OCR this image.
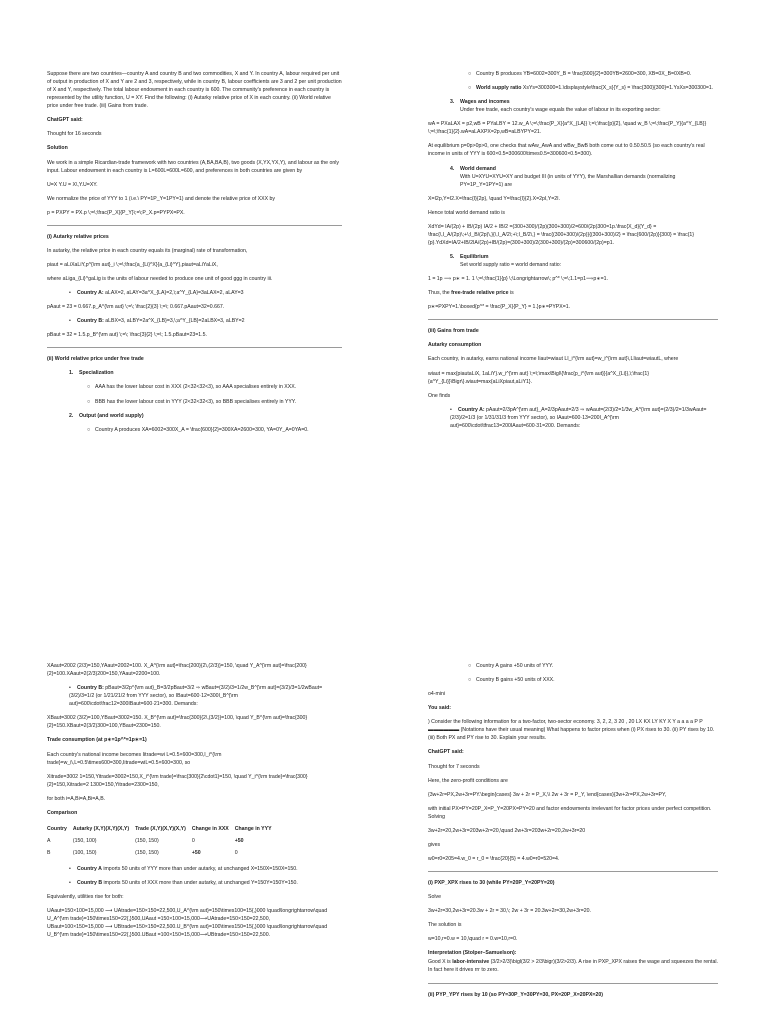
Suppose there are two countries—country A and country B and two commodities, X and Y. In country A, labour required per unit of output in production of X and Y are 2 and 3, respectively, while in country B, labour coefficients are 3 and 2 per unit production of X and Y, respectively. The total labour endowment in each country is 600. The community's preference in each country is represented by the utility function, U = XY. Find the following: (i) Autarky relative price of X in each country. (ii) World relative price under free trade. (iii) Gains from trade.

ChatGPT said:

Thought for 16 seconds

Solution

We work in a simple Ricardian-trade framework with two countries (A,BA,BA,B), two goods (X,YX,YX,Y), and labour as the only input. Labour endowment in each country is L=600L=600L=600, and preferences in both countries are given by

U=X Y.U = X\,Y.U=XY.

We normalize the price of YYY to 1 (i.e.\ PY=1P_Y=1PY=1) and denote the relative price of XXX by

p = PXPY = PX.p \;=\;\frac{P_X}{P_Y}\;=\;P_X.p=PYPX=PX.

(i) Autarky relative prices

In autarky, the relative price in each country equals its (marginal) rate of transformation,

piaut = aLiXaLiY,p^{\rm aut}_i \;=\;\frac{a_{Li}^X}{a_{Li}^Y},piaut=aLiYaLiX,

where aLiga_{Li}^gaLig is the units of labour needed to produce one unit of good ggg in country iii.

• Country A: aLAX=2, aLAY=3a^X_{LA}=2,\;a^Y_{LA}=3aLAX=2, aLAY=3

pAaut = 23 = 0.667.p_A^{\rm aut} \;=\; \frac{2}{3} \;=\; 0.667.pAaut=32=0.667.

• Country B: aLBX=3, aLBY=2a^X_{LB}=3,\;a^Y_{LB}=2aLBX=3, aLBY=2

pBaut = 32 = 1.5.p_B^{\rm aut} \;=\; \frac{3}{2} \;=\; 1.5.pBaut=23=1.5.

(ii) World relative price under free trade

1. Specialization

○ AAA has the lower labour cost in XXX (2<32<32<3), so AAA specialises entirely in XXX.

○ BBB has the lower labour cost in YYY (2<32<32<3), so BBB specialises entirely in YYY.

2. Output (and world supply)

○ Country A produces XA=6002=300X_A = \frac{600}{2}=300XA=2600=300, YA=0Y_A=0YA=0.

○ Country B produces YB=6002=300Y_B = \frac{600}{2}=300YB=2600=300, XB=0X_B=0XB=0.

○ World supply ratio XsYs=300300=1.\displaystyle\frac{X_s}{Y_s} = \frac{300}{300}=1.YsXs=300300=1.

3. Wages and incomes

Under free trade, each country's wage equals the value of labour in its exporting sector:

wA = PXaLAX = p2,wB = PYaLBY = 12.w_A \;=\;\frac{P_X}{a^X_{LA}} \;=\;\frac{p}{2}, \quad w_B \;=\;\frac{P_Y}{a^Y_{LB}} \;=\;\frac{1}{2}.wA=aLAXPX=2p,wB=aLBYPY=21.

At equilibrium p=0p>0p>0, one checks that wAw_AwA and wBw_BwB both come out to 0.50.50.5 (so each country's real income in units of YYY is 600×0.5=300600\times0.5=300600×0.5=300).

4. World demand

With U=XYU=XYU=XY and budget III (in units of YYY), the Marshallian demands (normalizing PY=1P_Y=1PY=1) are

X=I2p,Y=I2.X=\frac{I}{2p}, \quad Y=\frac{I}{2}.X=2pI,Y=2I.

Hence total world demand ratio is

XdYd= IA/(2p) + IB/(2p) IA/2 + IB/2 =(300+300)/(2p)(300+300)/2=600/(2p)300=1p.\frac{X_d}{Y_d} = \frac{\,I_A/(2p)\;+\;I_B/(2p)\,}{\,I_A/2\;+\;I_B/2\,} = \frac{(300+300)/(2p)}{(300+300)/2} = \frac{600/(2p)}{300} = \frac{1}{p}.YdXd=IA/2+IB/2IA/(2p)+IB/(2p)=(300+300)/2(300+300)/(2p)=300600/(2p)=p1.

5. Equilibrium

Set world supply ratio = world demand ratio:

1 = 1p ⟹ p∗ = 1. 1 \;=\;\frac{1}{p} \;\Longrightarrow\; p^* \;=\;1.1=p1⟹p∗=1.

Thus, the free-trade relative price is

p∗=PXPY=1.\boxed{p^* = \frac{P_X}{P_Y} = 1.}p∗=PYPX=1.

(iii) Gains from trade

Autarky consumption

Each country, in autarky, earns national income Iiaut=wiaut LI_i^{\rm aut}=w_i^{\rm aut}\,LIiaut=wiautL, where

wiaut = max⁡{piautaLiX, 1aLiY}.w_i^{\rm aut} \;=\;\max\Bigl\{\frac{p_i^{\rm aut}}{a^X_{Li}},\;\frac{1}{a^Y_{Li}}\Bigr\}.wiaut=max{aLiXpiaut,aLiY1}.

One finds

• Country A: pAaut=2/3pA^{\rm aut}_A=2/3pAaut=2/3 ⇒ wAaut=(2/3)/2=1/3w_A^{\rm aut}=(2/3)/2=1/3wAaut=(2/3)/2=1/3 (or 1/31/31/3 from YYY sector), so IAaut=600⋅13=200I_A^{\rm aut}=600\cdot\tfrac13=200IAaut=600⋅31=200. Demands:

XAaut=2002 (2/3)=150,YAaut=2002=100. X_A^{\rm aut}=\frac{200}{2\,(2/3)}=150, \quad Y_A^{\rm aut}=\frac{200}{2}=100.XAaut=2(2/3)200=150,YAaut=2200=100.

• Country B: pBaut=3/2p^{\rm aut}_B=3/2pBaut=3/2 ⇒ wBaut=(3/2)/3=1/2w_B^{\rm aut}=(3/2)/3=1/2wBaut=(3/2)/3=1/2 (or 1/21/21/2 from YYY sector), so IBaut=600⋅12=300I_B^{\rm aut}=600\cdot\frac12=300IBaut=600⋅21=300. Demands:

XBaut=3002 (3/2)=100,YBaut=3002=150. X_B^{\rm aut}=\frac{300}{2\,(3/2)}=100, \quad Y_B^{\rm aut}=\frac{300}{2}=150.XBaut=2(3/2)300=100,YBaut=2300=150.

Trade consumption (at p∗=1p^*=1p∗=1)

Each country's national income becomes Iitrade=wi L=0.5×600=300,I_i^{\rm trade}=w_i\,L=0.5\times600=300,Iitrade=wiL=0.5×600=300, so

Xitrade=3002 1=150,Yitrade=3002=150,X_i^{\rm trade}=\frac{300}{2\cdot1}=150, \quad Y_i^{\rm trade}=\frac{300}{2}=150,Xitrade=2 1300=150,Yitrade=2300=150,

for both i=A,Bi=A,Bi=A,B.

Comparison

Country	Autarky (X,Y)(X,Y)(X,Y)	Trade (X,Y)(X,Y)(X,Y)	Change in XXX	Change in YYY
A	(150, 100)	(150, 150)	0	+50
B	(100, 150)	(150, 150)	+50	0

• Country A imports 50 units of YYY more than under autarky, at unchanged X=150X=150X=150.

• Country B imports 50 units of XXX more than under autarky, at unchanged Y=150Y=150Y=150.

Equivalently, utilities rise for both:

UAaut=150×100=15,000 ⟶ UAtrade=150×150=22,500,U_A^{\rm aut}=150\times100=15{,}000 \quad\longrightarrow\quad U_A^{\rm trade}=150\times150=22{,}500,UAaut =150×100=15,000⟶UAtrade=150×150=22,500,

UBaut=100×150=15,000 ⟶ UBtrade=150×150=22,500.U_B^{\rm aut}=100\times150=15{,}000 \quad\longrightarrow\quad U_B^{\rm trade}=150\times150=22{,}500.UBaut =100×150=15,000⟶UBtrade=150×150=22,500.

○ Country A gains +50 units of YYY.

○ Country B gains +50 units of XXX.

o4-mini

You said:

) Consider the following information for a two-factor, two-sector economy. 3, 2, 2, 3 20 , 20 LX KX LY KY X Y a a a a P P ▬▬▬▬▬▬ (Notations have their usual meaning) What happens to factor prices when (i) PX rises to 30. (ii) PY rises by 10. (iii) Both PX and PY rise to 30. Explain your results.

ChatGPT said:

Thought for 7 seconds

Here, the zero-profit conditions are

{3w+2r=PX,2w+3r=PY.\begin{cases} 3w + 2r = P_X,\\ 2w + 3r = P_Y, \end{cases}{3w+2r=PX,2w+3r=PY,

with initial PX=PY=20P_X=P_Y=20PX=PY=20 and factor endowments irrelevant for factor prices under perfect competition. Solving

3w+2r=20,2w+3r=203w+2r=20,\quad 2w+3r=203w+2r=20,2w+3r=20

gives

w0=r0=205=4.w_0 = r_0 = \frac{20}{5} = 4.w0=r0=520=4.

(i) PXP_XPX rises to 30 (while PY=20P_Y=20PY=20)

Solve

3w+2r=30,2w+3r=20.3w + 2r = 30,\; 2w + 3r = 20.3w+2r=30,2w+3r=20.

The solution is

w=10,r=0.w = 10,\quad r = 0.w=10,r=0.

Interpretation (Stolper–Samuelson):

Good X is labor-intensive (3/2>2/3)\bigl(3/2 > 2/3\bigr)(3/2>2/3). A rise in PXP_XPX raises the wage and squeezes the rental. In fact here it drives rrr to zero.

(ii) PYP_YPY rises by 10 (so PY=30P_Y=30PY=30, PX=20P_X=20PX=20)
